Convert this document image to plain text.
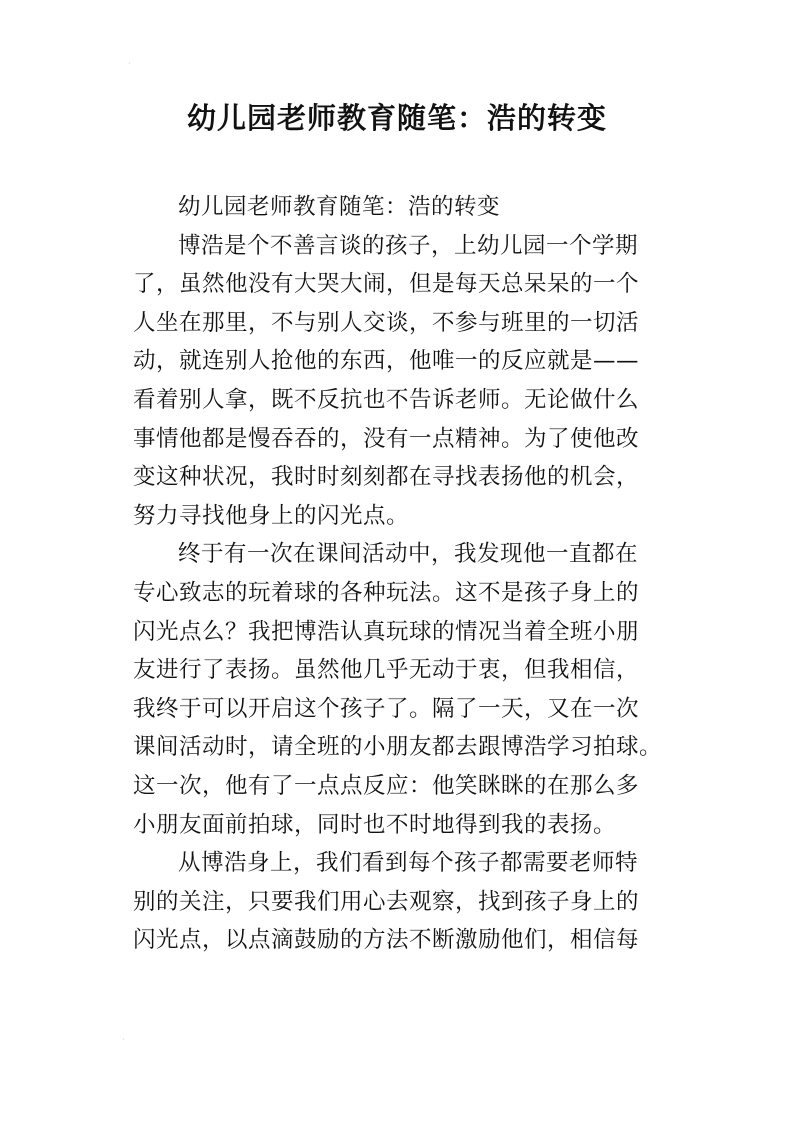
·
·
幼儿园老师教育随笔：浩的转变
幼儿园老师教育随笔：浩的转变
博浩是个不善言谈的孩子，上幼儿园一个学期
了，虽然他没有大哭大闹，但是每天总呆呆的一个
人坐在那里，不与别人交谈，不参与班里的一切活
动，就连别人抢他的东西，他唯一的反应就是——
看着别人拿，既不反抗也不告诉老师。无论做什么
事情他都是慢吞吞的，没有一点精神。为了使他改
变这种状况，我时时刻刻都在寻找表扬他的机会，
努力寻找他身上的闪光点。
终于有一次在课间活动中，我发现他一直都在
专心致志的玩着球的各种玩法。这不是孩子身上的
闪光点么？我把博浩认真玩球的情况当着全班小朋
友进行了表扬。虽然他几乎无动于衷，但我相信，
我终于可以开启这个孩子了。隔了一天，又在一次
课间活动时，请全班的小朋友都去跟博浩学习拍球。
这一次，他有了一点点反应：他笑眯眯的在那么多
小朋友面前拍球，同时也不时地得到我的表扬。
从博浩身上，我们看到每个孩子都需要老师特
别的关注，只要我们用心去观察，找到孩子身上的
闪光点，以点滴鼓励的方法不断激励他们，相信每
